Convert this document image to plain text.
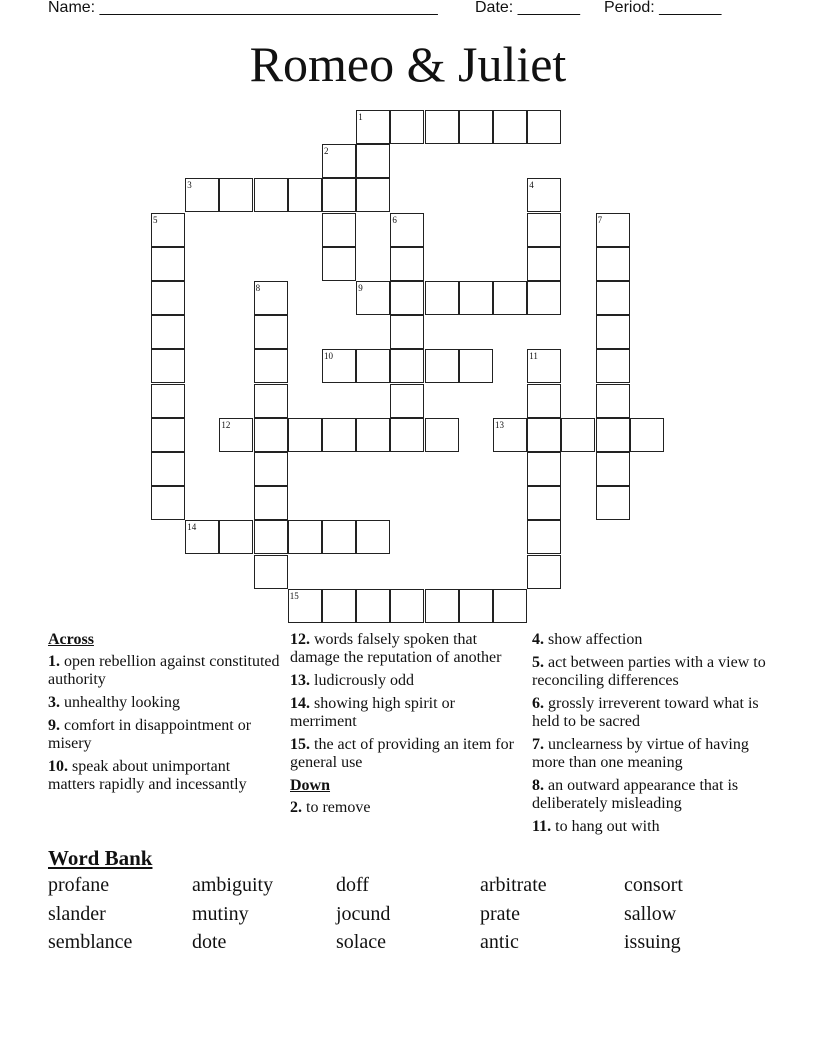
Name: ______________________________________ Date: _______ Period: _______
Romeo & Juliet
1
2
3	4
5	6	7
8	9
10	11
12	13
14
15
Across
1. open rebellion against constituted authority
3. unhealthy looking
9. comfort in disappointment or misery
10. speak about unimportant matters rapidly and incessantly
12. words falsely spoken that damage the reputation of another
13. ludicrously odd
14. showing high spirit or merriment
15. the act of providing an item for general use
Down
2. to remove
4. show affection
5. act between parties with a view to reconciling differences
6. grossly irreverent toward what is held to be sacred
7. unclearness by virtue of having more than one meaning
8. an outward appearance that is deliberately misleading
11. to hang out with
Word Bank
profane	ambiguity	doff	arbitrate	consort
slander	mutiny	jocund	prate	sallow
semblance	dote	solace	antic	issuing
